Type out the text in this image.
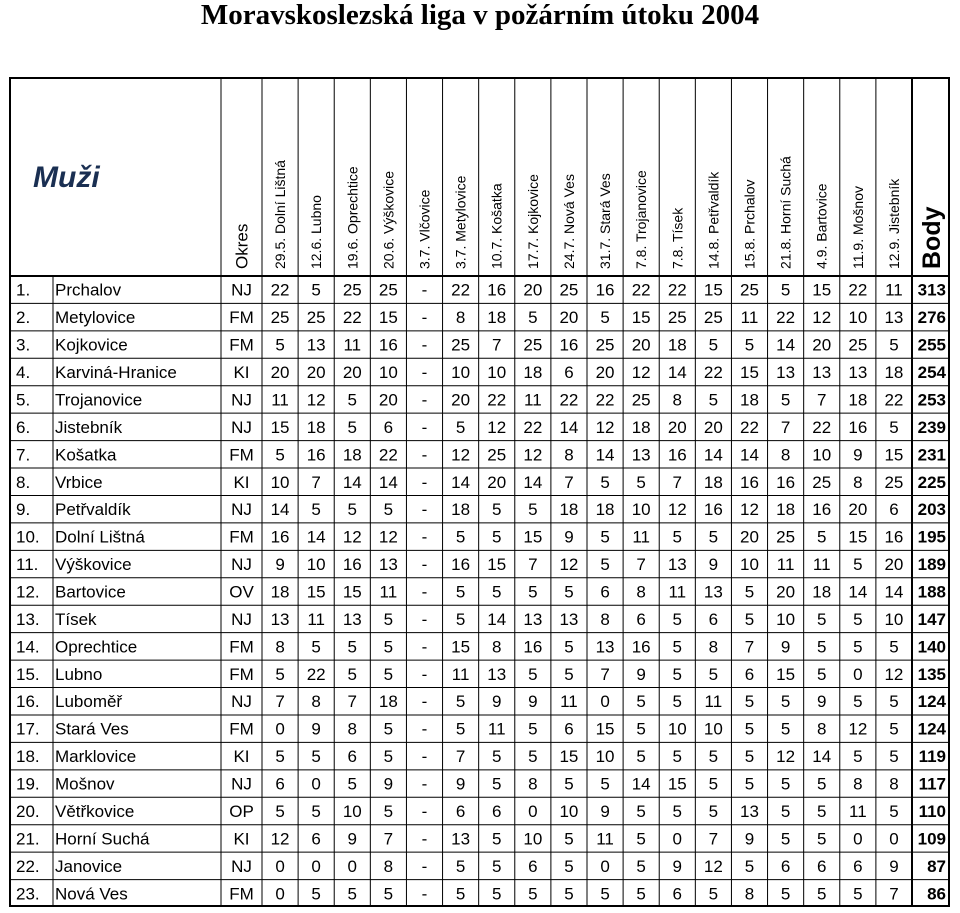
Moravskoslezská liga v požárním útoku 2004
Muži
Okres 29.5. Dolní Lištná 12.6. Lubno 19.6. Oprechtice 20.6. Výškovice 3.7. Vlčovice 3.7. Metylovice 10.7. Košatka 17.7. Kojkovice 24.7. Nová Ves 31.7. Stará Ves 7.8. Trojanovice 7.8. Tísek 14.8. Petřvaldík 15.8. Prchalov 21.8. Horní Suchá 4.9. Bartovice 11.9. Mošnov 12.9. Jistebník Body
1. Prchalov	NJ 22 5 25 25 - 22 16 20 25 16 22 22 15 25 5 15 22 11 313
2. Metylovice	FM 25 25 22 15 - 8 18 5 20 5 15 25 25 11 22 12 10 13 276
3. Kojkovice	FM 5 13 11 16 - 25 7 25 16 25 20 18 5 5 14 20 25 5 255
4. Karviná-Hranice	KI 20 20 20 10 - 10 10 18 6 20 12 14 22 15 13 13 13 18 254
5. Trojanovice	NJ 11 12 5 20 - 20 22 11 22 22 25 8 5 18 5 7 18 22 253
6. Jistebník	NJ 15 18 5 6 - 5 12 22 14 12 18 20 20 22 7 22 16 5 239
7. Košatka	FM 5 16 18 22 - 12 25 12 8 14 13 16 14 14 8 10 9 15 231
8. Vrbice	KI 10 7 14 14 - 14 20 14 7 5 5 7 18 16 16 25 8 25 225
9. Petřvaldík	NJ 14 5 5 5 - 18 5 5 18 18 10 12 16 12 18 16 20 6 203
10. Dolní Lištná	FM 16 14 12 12 - 5 5 15 9 5 11 5 5 20 25 5 15 16 195
11. Výškovice	NJ 9 10 16 13 - 16 15 7 12 5 7 13 9 10 11 11 5 20 189
12. Bartovice	OV 18 15 15 11 - 5 5 5 5 6 8 11 13 5 20 18 14 14 188
13. Tísek	NJ 13 11 13 5 - 5 14 13 13 8 6 5 6 5 10 5 5 10 147
14. Oprechtice	FM 8 5 5 5 - 15 8 16 5 13 16 5 8 7 9 5 5 5 140
15. Lubno	FM 5 22 5 5 - 11 13 5 5 7 9 5 5 6 15 5 0 12 135
16. Luboměř	NJ 7 8 7 18 - 5 9 9 11 0 5 5 11 5 5 9 5 5 124
17. Stará Ves	FM 0 9 8 5 - 5 11 5 6 15 5 10 10 5 5 8 12 5 124
18. Marklovice	KI 5 5 6 5 - 7 5 5 15 10 5 5 5 5 12 14 5 5 119
19. Mošnov	NJ 6 0 5 9 - 9 5 8 5 5 14 15 5 5 5 5 8 8 117
20. Větřkovice	OP 5 5 10 5 - 6 6 0 10 9 5 5 5 13 5 5 11 5 110
21. Horní Suchá	KI 12 6 9 7 - 13 5 10 5 11 5 0 7 9 5 5 0 0 109
22. Janovice	NJ 0 0 0 8 - 5 5 6 5 0 5 9 12 5 6 6 6 9 87
23. Nová Ves	FM 0 5 5 5 - 5 5 5 5 5 5 6 5 8 5 5 5 7 86
